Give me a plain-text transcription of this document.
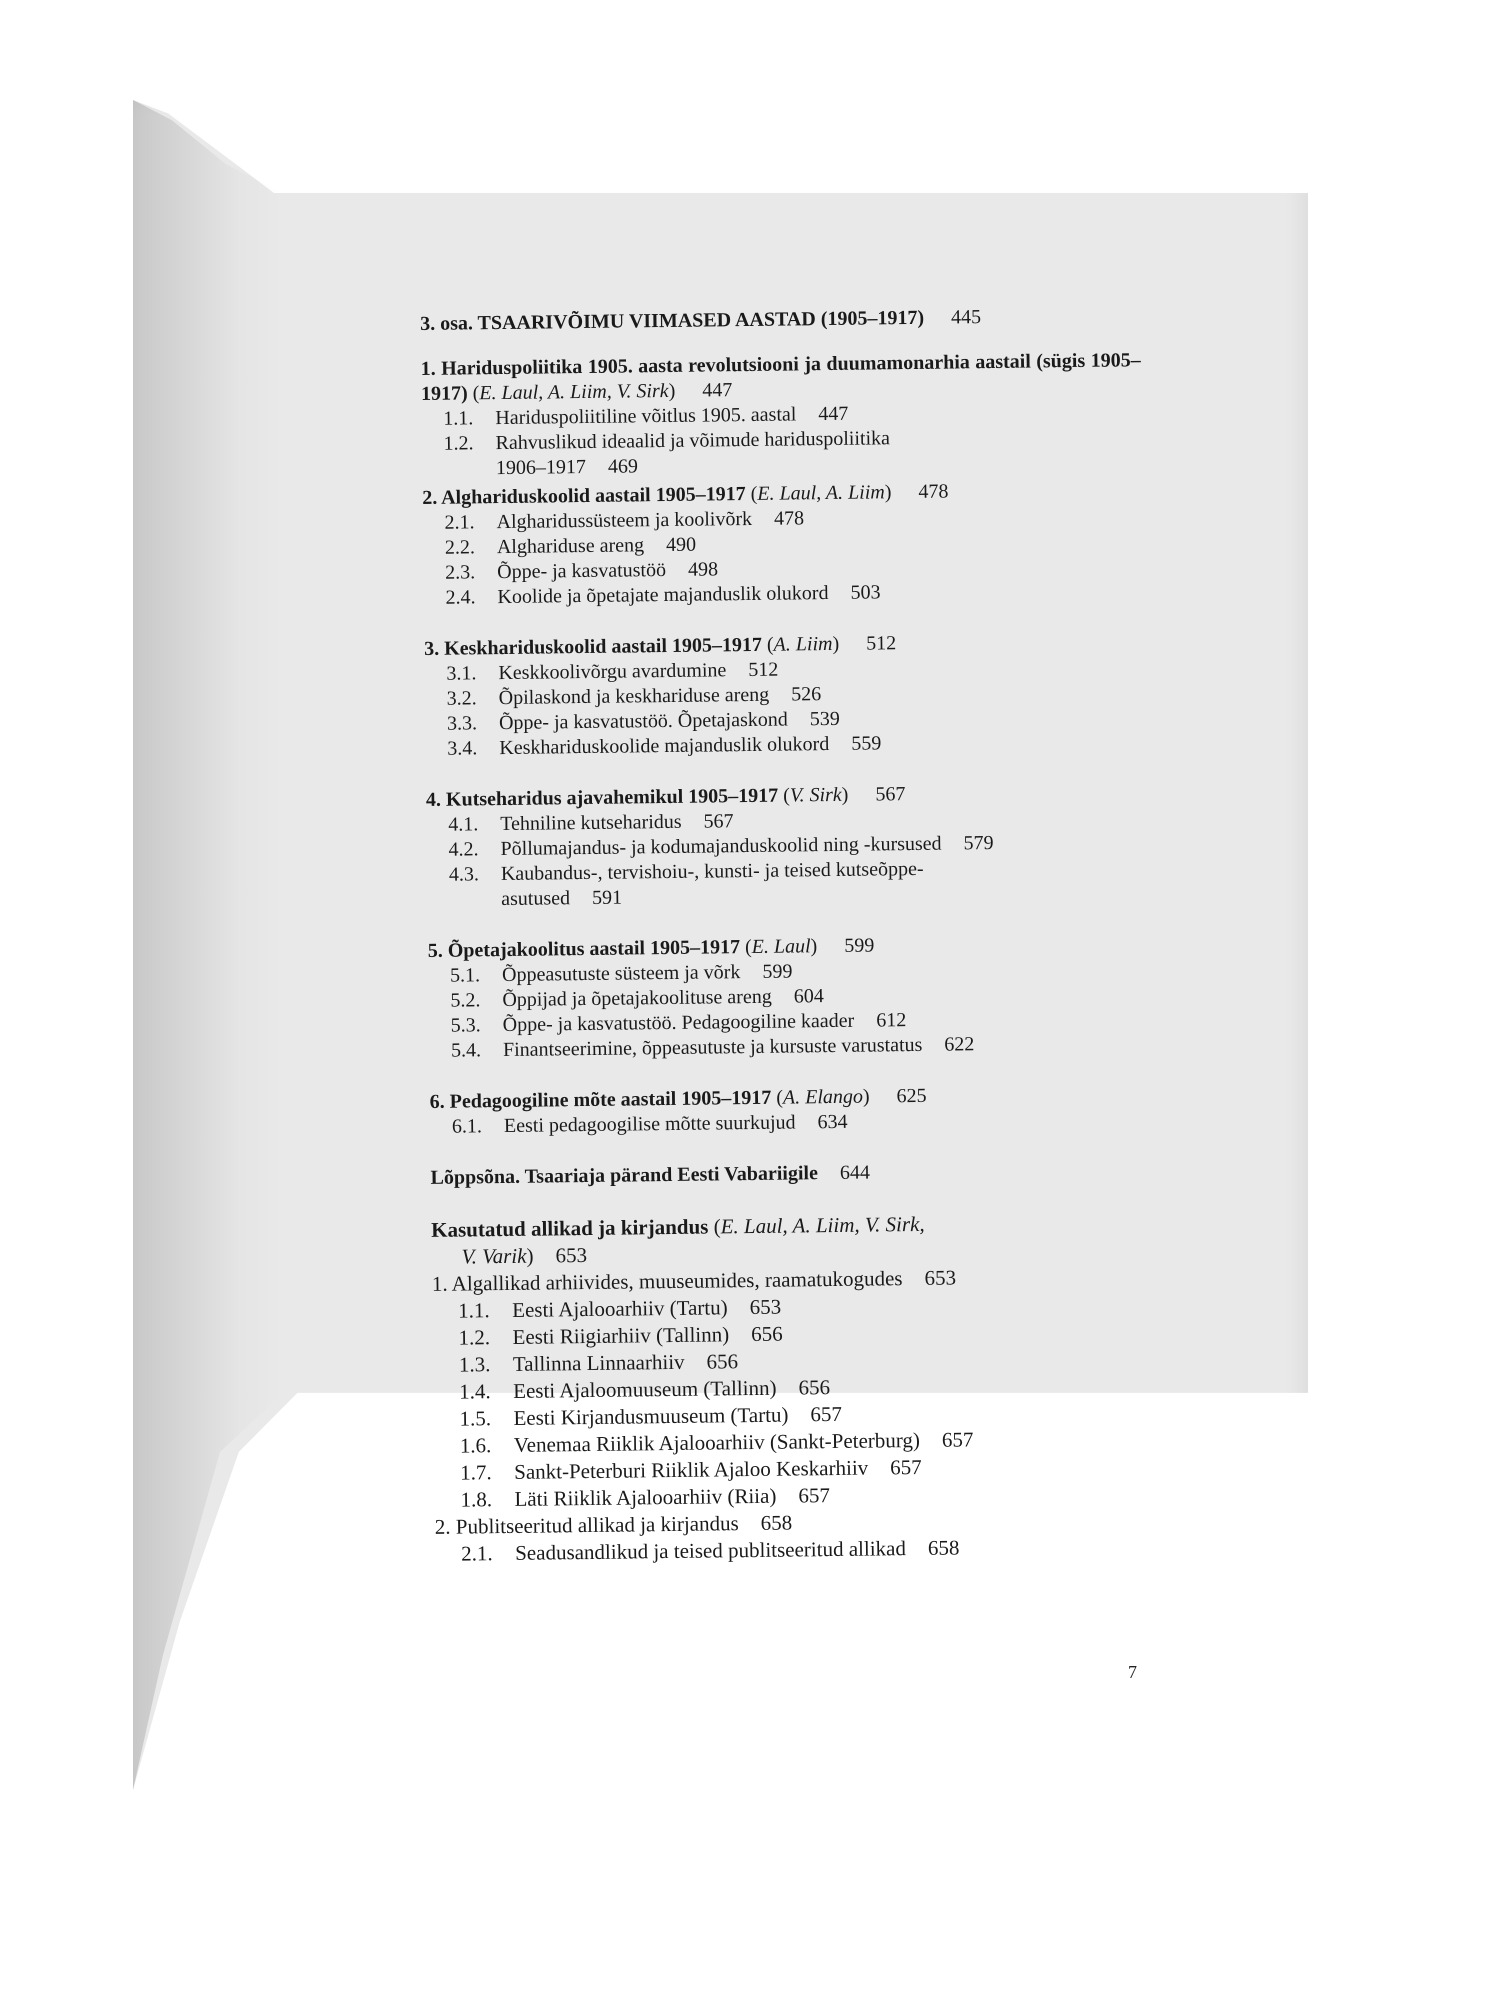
3. osa. TSAARIVÕIMU VIIMASED AASTAD (1905–1917) 445
1. Hariduspoliitika 1905. aasta revolutsiooni ja duumamonarhia aastail (sügis 1905–1917) (E. Laul, A. Liim, V. Sirk) 447
1.1. Hariduspoliitiline võitlus 1905. aastal 447
1.2. Rahvuslikud ideaalid ja võimude hariduspoliitika
1906–1917 469
2. Alghariduskoolid aastail 1905–1917 (E. Laul, A. Liim) 478
2.1. Algharidussüsteem ja koolivõrk 478
2.2. Alghariduse areng 490
2.3. Õppe- ja kasvatustöö 498
2.4. Koolide ja õpetajate majanduslik olukord 503
3. Keskhariduskoolid aastail 1905–1917 (A. Liim) 512
3.1. Keskkoolivõrgu avardumine 512
3.2. Õpilaskond ja keskhariduse areng 526
3.3. Õppe- ja kasvatustöö. Õpetajaskond 539
3.4. Keskhariduskoolide majanduslik olukord 559
4. Kutseharidus ajavahemikul 1905–1917 (V. Sirk) 567
4.1. Tehniline kutseharidus 567
4.2. Põllumajandus- ja kodumajanduskoolid ning -kursused 579
4.3. Kaubandus-, tervishoiu-, kunsti- ja teised kutseõppe-
asutused 591
5. Õpetajakoolitus aastail 1905–1917 (E. Laul) 599
5.1. Õppeasutuste süsteem ja võrk 599
5.2. Õppijad ja õpetajakoolituse areng 604
5.3. Õppe- ja kasvatustöö. Pedagoogiline kaader 612
5.4. Finantseerimine, õppeasutuste ja kursuste varustatus 622
6. Pedagoogiline mõte aastail 1905–1917 (A. Elango) 625
6.1. Eesti pedagoogilise mõtte suurkujud 634
Lõppsõna. Tsaariaja pärand Eesti Vabariigile 644
Kasutatud allikad ja kirjandus (E. Laul, A. Liim, V. Sirk,
V. Varik) 653
1. Algallikad arhiivides, muuseumides, raamatukogudes 653
1.1. Eesti Ajalooarhiiv (Tartu) 653
1.2. Eesti Riigiarhiiv (Tallinn) 656
1.3. Tallinna Linnaarhiiv 656
1.4. Eesti Ajaloomuuseum (Tallinn) 656
1.5. Eesti Kirjandusmuuseum (Tartu) 657
1.6. Venemaa Riiklik Ajalooarhiiv (Sankt-Peterburg) 657
1.7. Sankt-Peterburi Riiklik Ajaloo Keskarhiiv 657
1.8. Läti Riiklik Ajalooarhiiv (Riia) 657
2. Publitseeritud allikad ja kirjandus 658
2.1. Seadusandlikud ja teised publitseeritud allikad 658
7
